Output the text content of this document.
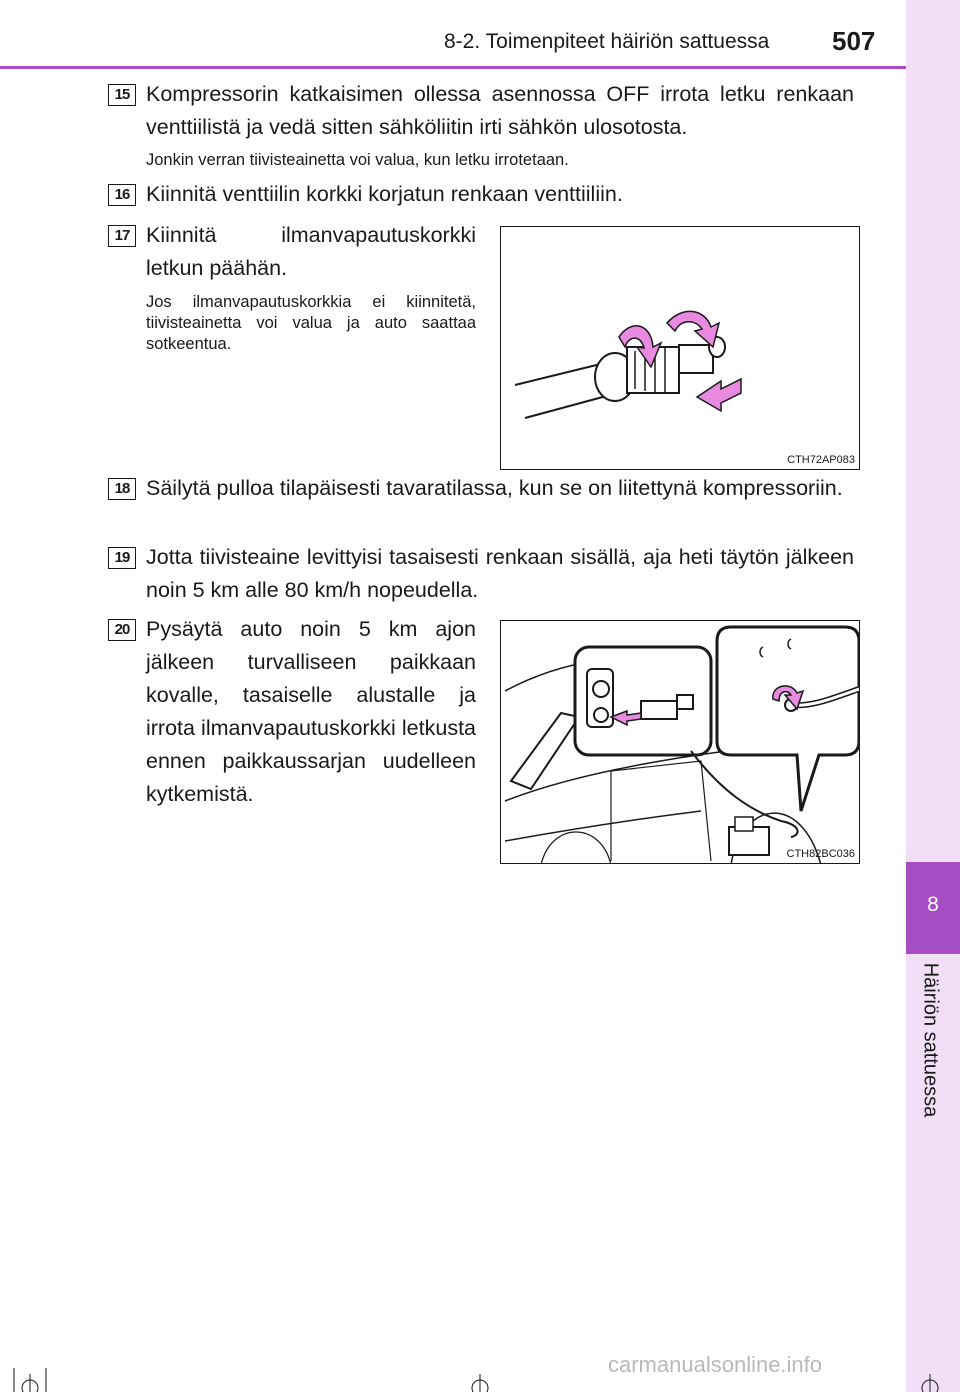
8-2. Toimenpiteet häiriön sattuessa 507
8
Häiriön sattuessa
15 Kompressorin katkaisimen ollessa asennossa OFF irrota letku renkaan venttiilistä ja vedä sitten sähköliitin irti sähkön ulosotosta.
Jonkin verran tiivisteainetta voi valua, kun letku irrotetaan.
16 Kiinnitä venttiilin korkki korjatun renkaan venttiiliin.
17 Kiinnitä ilmanvapautuskorkki letkun päähän.
Jos ilmanvapautuskorkkia ei kiinnitetä, tiivisteainetta voi valua ja auto saattaa sotkeentua.
CTH72AP083
18 Säilytä pulloa tilapäisesti tavaratilassa, kun se on liitettynä kompressoriin.
19 Jotta tiivisteaine levittyisi tasaisesti renkaan sisällä, aja heti täytön jälkeen noin 5 km alle 80 km/h nopeudella.
20 Pysäytä auto noin 5 km ajon jälkeen turvalliseen paikkaan kovalle, tasaiselle alustalle ja irrota ilmanvapautuskorkki letkusta ennen paikkaussarjan uudelleen kytkemistä.
CTH82BC036
carmanualsonline.info
